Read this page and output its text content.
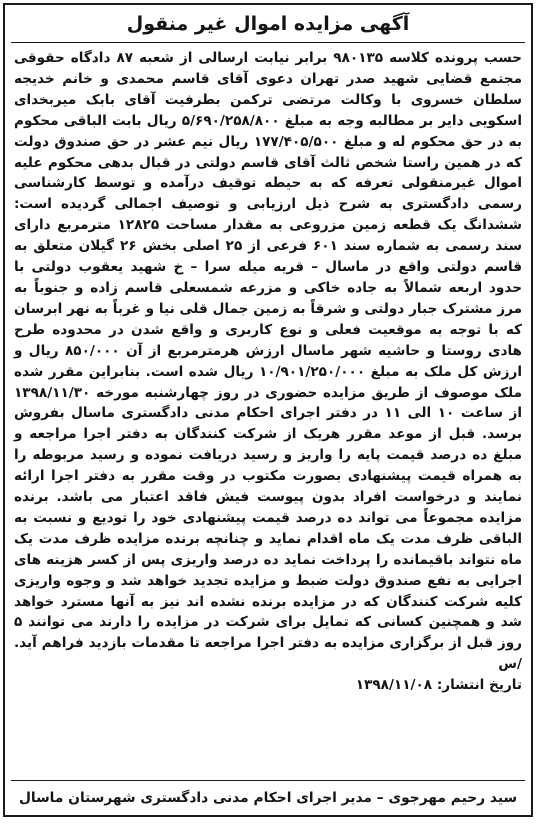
آگهی مزایده اموال غیر منقول

حسب پرونده کلاسه ۹۸۰۱۳۵ برابر نیابت ارسالی از شعبه ۸۷ دادگاه حقوقی مجتمع قضایی شهید صدر تهران دعوی آقای قاسم محمدی و خانم خدیجه سلطان خسروی با وکالت مرتضی ترکمن بطرفیت آقای بابک میربخدای اسکویی دایر بر مطالبه وجه به مبلغ ۵/۶۹۰/۲۵۸/۸۰۰ ریال بابت الباقی محکوم به در حق محکوم له و مبلغ ۱۷۷/۴۰۵/۵۰۰ ریال نیم عشر در حق صندوق دولت که در همین راستا شخص ثالث آقای قاسم دولتی در قبال بدهی محکوم علیه اموال غیرمنقولی تعرفه که به حیطه توقیف درآمده و توسط کارشناسی رسمی دادگستری به شرح ذیل ارزیابی و توصیف اجمالی گردیده است: ششدانگ یک قطعه زمین مزروعی به مقدار مساحت ۱۲۸۲۵ مترمربع دارای سند رسمی به شماره سند ۶۰۱ فرعی از ۲۵ اصلی بخش ۲۶ گیلان متعلق به قاسم دولتی واقع در ماسال – قریه میله سرا – خ شهید یعقوب دولتی با حدود اربعه شمالاً به جاده خاکی و مزرعه شمسعلی قاسم زاده و جنوباً به مرز مشترک جبار دولتی و شرقاً به زمین جمال قلی نیا و غرباً به نهر ابرسان که با توجه به موقعیت فعلی و نوع کاربری و واقع شدن در محدوده طرح هادی روستا و حاشیه شهر ماسال ارزش هرمترمربع از آن ۸۵۰/۰۰۰ ریال و ارزش کل ملک به مبلغ ۱۰/۹۰۱/۲۵۰/۰۰۰ ریال شده است. بنابراین مقرر شده ملک موصوف از طریق مزایده حضوری در روز چهارشنبه مورخه ۱۳۹۸/۱۱/۳۰ از ساعت ۱۰ الی ۱۱ در دفتر اجرای احکام مدنی دادگستری ماسال بفروش برسد. قبل از موعد مقرر هریک از شرکت کنندگان به دفتر اجرا مراجعه و مبلغ ده درصد قیمت پایه را واریز و رسید دریافت نموده و رسید مربوطه را به همراه قیمت پیشنهادی بصورت مکتوب در وقت مقرر به دفتر اجرا ارائه نمایند و درخواست افراد بدون پیوست فیش فاقد اعتبار می باشد. برنده مزایده مجموعاً می تواند ده درصد قیمت پیشنهادی خود را تودیع و نسبت به الباقی ظرف مدت یک ماه اقدام نماید و چنانچه برنده مزایده ظرف مدت یک ماه نتواند باقیمانده را پرداخت نماید ده درصد واریزی پس از کسر هزینه های اجرایی به نفع صندوق دولت ضبط و مزایده تجدید خواهد شد و وجوه واریزی کلیه شرکت کنندگان که در مزایده برنده نشده اند نیز به آنها مسترد خواهد شد و همچنین کسانی که تمایل برای شرکت در مزایده را دارند می توانند ۵ روز قبل از برگزاری مزایده به دفتر اجرا مراجعه تا مقدمات بازدید فراهم آید. /س

تاریخ انتشار: ۱۳۹۸/۱۱/۰۸
سید رحیم مهرجوی – مدیر اجرای احکام مدنی دادگستری شهرستان ماسال
